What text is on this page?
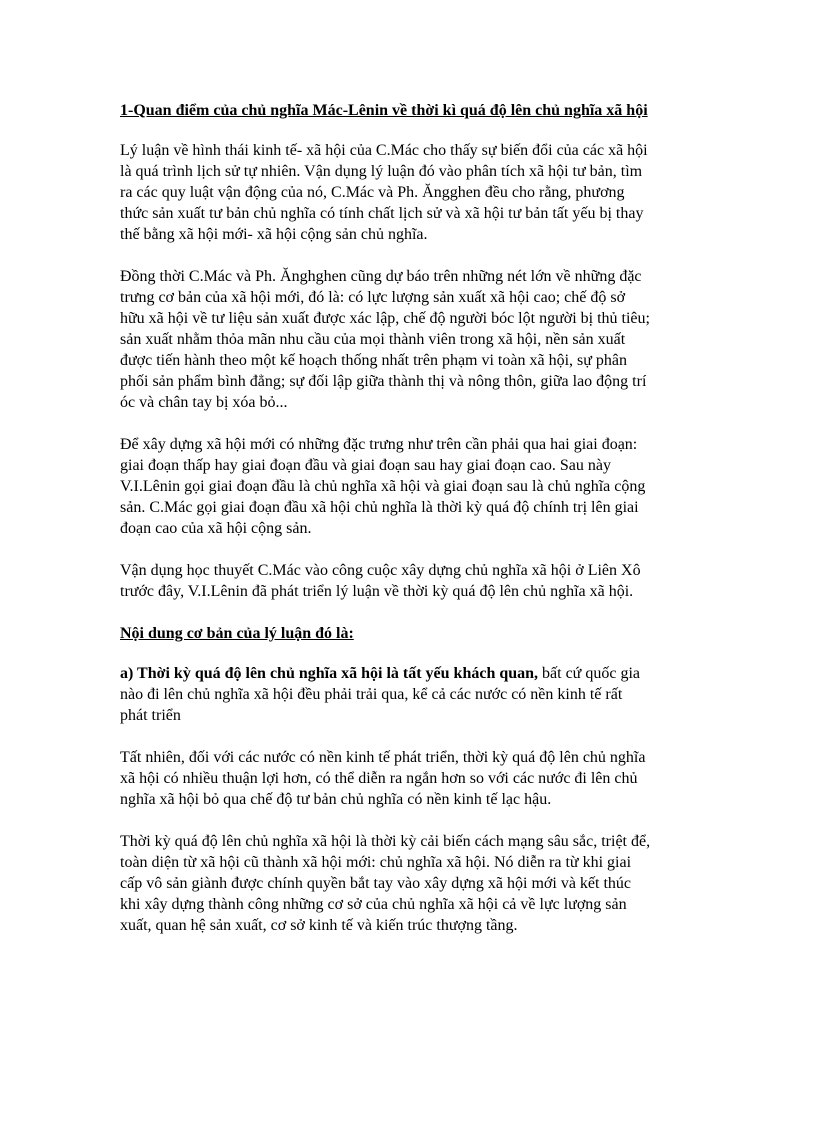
1-Quan điểm của chủ nghĩa Mác-Lênin về thời kì quá độ lên chủ nghĩa xã hội
Lý luận về hình thái kinh tế- xã hội của C.Mác cho thấy sự biến đổi của các xã hội
là quá trình lịch sử tự nhiên. Vận dụng lý luận đó vào phân tích xã hội tư bản, tìm
ra các quy luật vận động của nó, C.Mác và Ph. Ăngghen đều cho rằng, phương
thức sản xuất tư bản chủ nghĩa có tính chất lịch sử và xã hội tư bản tất yếu bị thay
thế bằng xã hội mới- xã hội cộng sản chủ nghĩa.
Đồng thời C.Mác và Ph. Ănghghen cũng dự báo trên những nét lớn về những đặc
trưng cơ bản của xã hội mới, đó là: có lực lượng sản xuất xã hội cao; chế độ sở
hữu xã hội về tư liệu sản xuất được xác lập, chế độ người bóc lột người bị thủ tiêu;
sản xuất nhằm thỏa mãn nhu cầu của mọi thành viên trong xã hội, nền sản xuất
được tiến hành theo một kế hoạch thống nhất trên phạm vi toàn xã hội, sự phân
phối sản phẩm bình đẳng; sự đối lập giữa thành thị và nông thôn, giữa lao động trí
óc và chân tay bị xóa bỏ...
Để xây dựng xã hội mới có những đặc trưng như trên cần phải qua hai giai đoạn:
giai đoạn thấp hay giai đoạn đầu và giai đoạn sau hay giai đoạn cao. Sau này
V.I.Lênin gọi giai đoạn đầu là chủ nghĩa xã hội và giai đoạn sau là chủ nghĩa cộng
sản. C.Mác gọi giai đoạn đầu xã hội chủ nghĩa là thời kỳ quá độ chính trị lên giai
đoạn cao của xã hội cộng sản.
Vận dụng học thuyết C.Mác vào công cuộc xây dựng chủ nghĩa xã hội ở Liên Xô
trước đây, V.I.Lênin đã phát triển lý luận về thời kỳ quá độ lên chủ nghĩa xã hội.
Nội dung cơ bản của lý luận đó là:
a) Thời kỳ quá độ lên chủ nghĩa xã hội là tất yếu khách quan, bất cứ quốc gia
nào đi lên chủ nghĩa xã hội đều phải trải qua, kể cả các nước có nền kinh tế rất
phát triển
Tất nhiên, đối với các nước có nền kinh tế phát triển, thời kỳ quá độ lên chủ nghĩa
xã hội có nhiều thuận lợi hơn, có thể diễn ra ngắn hơn so với các nước đi lên chủ
nghĩa xã hội bỏ qua chế độ tư bản chủ nghĩa có nền kinh tế lạc hậu.
Thời kỳ quá độ lên chủ nghĩa xã hội là thời kỳ cải biến cách mạng sâu sắc, triệt để,
toàn diện từ xã hội cũ thành xã hội mới: chủ nghĩa xã hội. Nó diễn ra từ khi giai
cấp vô sản giành được chính quyền bắt tay vào xây dựng xã hội mới và kết thúc
khi xây dựng thành công những cơ sở của chủ nghĩa xã hội cả về lực lượng sản
xuất, quan hệ sản xuất, cơ sở kinh tế và kiến trúc thượng tầng.
